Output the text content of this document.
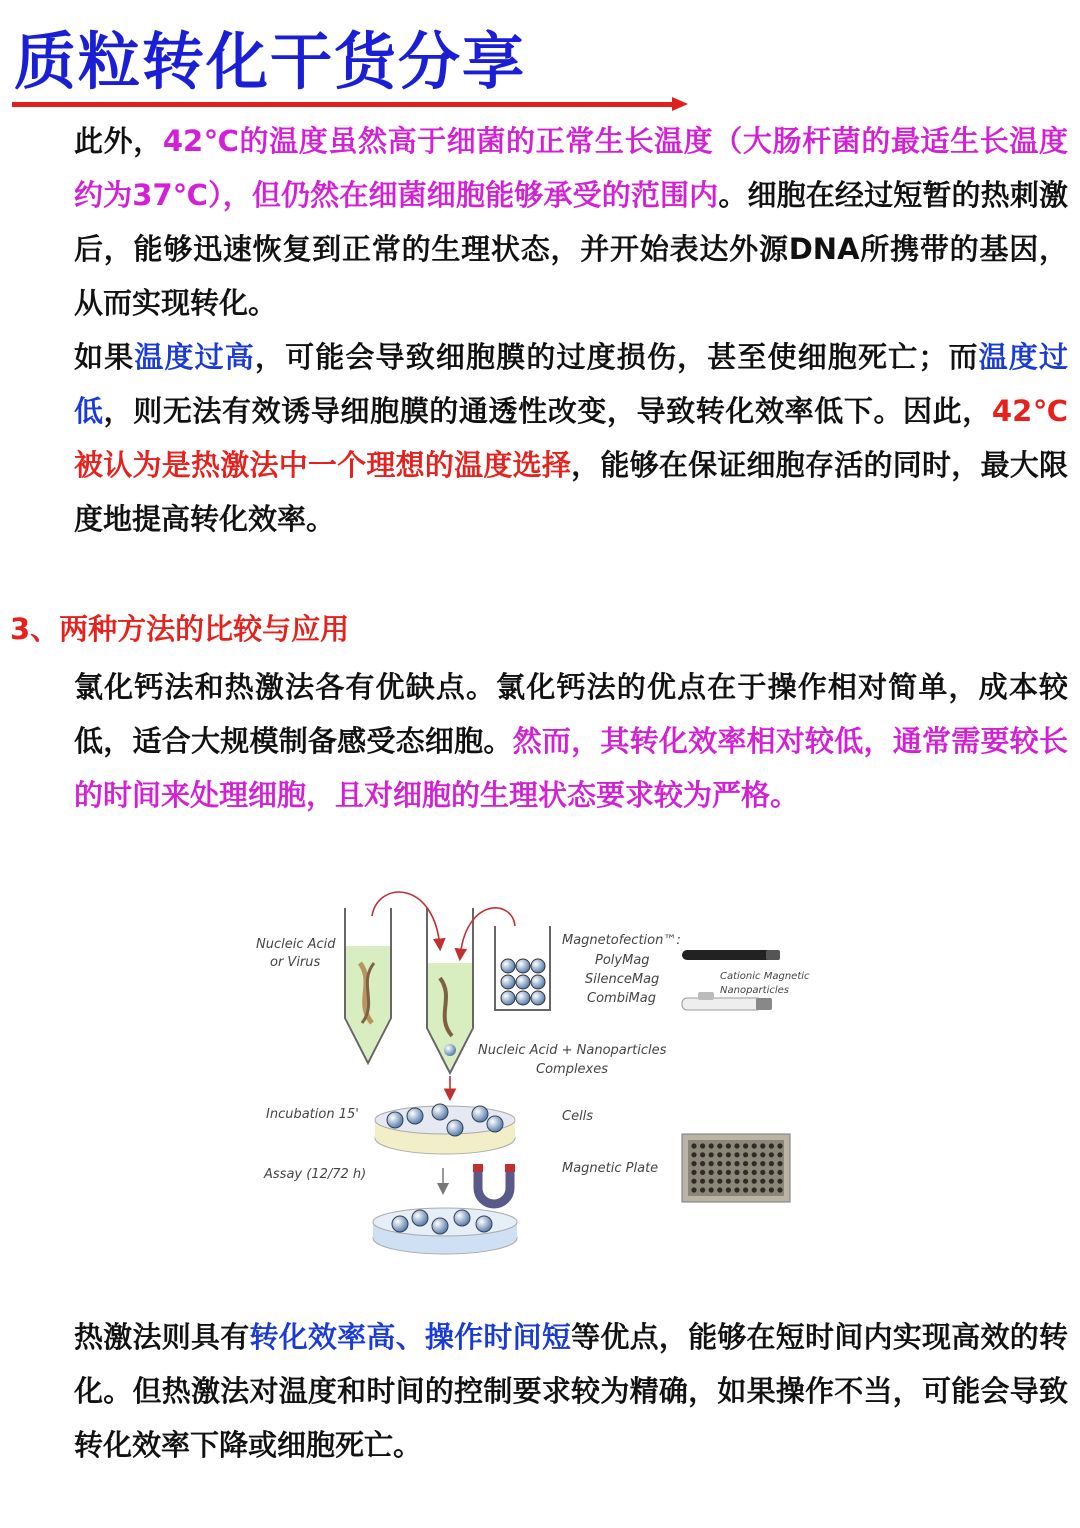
质粒转化干货分享

此外，42℃的温度虽然高于细菌的正常生长温度（大肠杆菌的最适生长温度约为37℃），但仍然在细菌细胞能够承受的范围内。细胞在经过短暂的热刺激后，能够迅速恢复到正常的生理状态，并开始表达外源DNA所携带的基因，从而实现转化。

如果温度过高，可能会导致细胞膜的过度损伤，甚至使细胞死亡；而温度过低，则无法有效诱导细胞膜的通透性改变，导致转化效率低下。因此，42℃被认为是热激法中一个理想的温度选择，能够在保证细胞存活的同时，最大限度地提高转化效率。

3、两种方法的比较与应用

氯化钙法和热激法各有优缺点。氯化钙法的优点在于操作相对简单，成本较低，适合大规模制备感受态细胞。然而，其转化效率相对较低，通常需要较长的时间来处理细胞，且对细胞的生理状态要求较为严格。

Nucleic Acid
or Virus
Magnetofection™:
PolyMag
SilenceMag
CombiMag
Cationic Magnetic
Nanoparticles
Nucleic Acid + Nanoparticles
Complexes
Incubation 15'	Cells
Assay (12/72 h)	Magnetic Plate

热激法则具有转化效率高、操作时间短等优点，能够在短时间内实现高效的转化。但热激法对温度和时间的控制要求较为精确，如果操作不当，可能会导致转化效率下降或细胞死亡。
